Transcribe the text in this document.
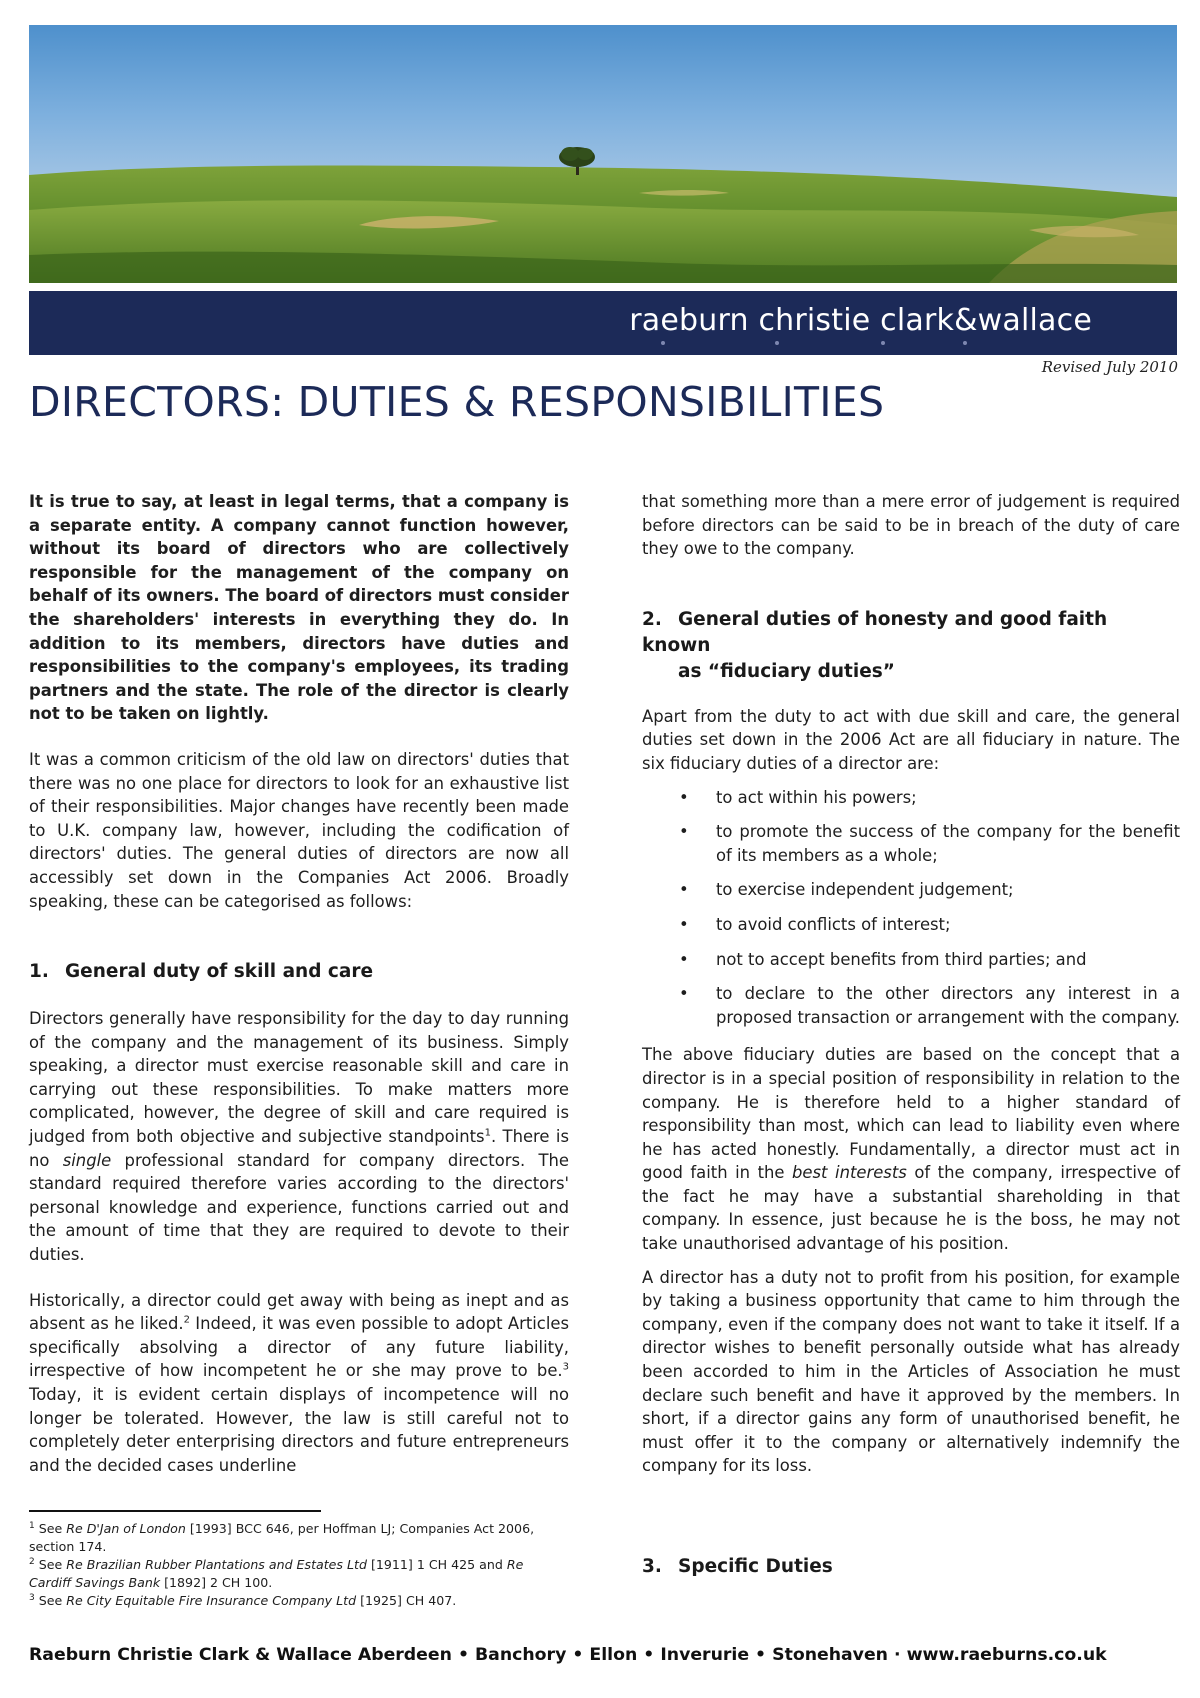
raeburn christie clark&wallace
Revised July 2010
DIRECTORS: DUTIES & RESPONSIBILITIES

It is true to say, at least in legal terms, that a company is a separate entity. A company cannot function however, without its board of directors who are collectively responsible for the management of the company on behalf of its owners. The board of directors must consider the shareholders' interests in everything they do. In addition to its members, directors have duties and responsibilities to the company's employees, its trading partners and the state. The role of the director is clearly not to be taken on lightly.

It was a common criticism of the old law on directors' duties that there was no one place for directors to look for an exhaustive list of their responsibilities. Major changes have recently been made to U.K. company law, however, including the codification of directors' duties. The general duties of directors are now all accessibly set down in the Companies Act 2006. Broadly speaking, these can be categorised as follows:

1. General duty of skill and care

Directors generally have responsibility for the day to day running of the company and the management of its business. Simply speaking, a director must exercise reasonable skill and care in carrying out these responsibilities. To make matters more complicated, however, the degree of skill and care required is judged from both objective and subjective standpoints$^1$. There is no single professional standard for company directors. The standard required therefore varies according to the directors' personal knowledge and experience, functions carried out and the amount of time that they are required to devote to their duties.

Historically, a director could get away with being as inept and as absent as he liked.$^2$ Indeed, it was even possible to adopt Articles specifically absolving a director of any future liability, irrespective of how incompetent he or she may prove to be.$^3$ Today, it is evident certain displays of incompetence will no longer be tolerated. However, the law is still careful not to completely deter enterprising directors and future entrepreneurs and the decided cases underline

$^1$ See Re D'Jan of London [1993] BCC 646, per Hoffman LJ; Companies Act 2006, section 174.

$^2$ See Re Brazilian Rubber Plantations and Estates Ltd [1911] 1 CH 425 and Re Cardiff Savings Bank [1892] 2 CH 100.

$^3$ See Re City Equitable Fire Insurance Company Ltd [1925] CH 407.

that something more than a mere error of judgement is required before directors can be said to be in breach of the duty of care they owe to the company.

2. General duties of honesty and good faith known
as “fiduciary duties”

Apart from the duty to act with due skill and care, the general duties set down in the 2006 Act are all fiduciary in nature. The six fiduciary duties of a director are:

• to act within his powers;
• to promote the success of the company for the benefit of its members as a whole;
• to exercise independent judgement;
• to avoid conflicts of interest;
• not to accept benefits from third parties; and
• to declare to the other directors any interest in a proposed transaction or arrangement with the company.

The above fiduciary duties are based on the concept that a director is in a special position of responsibility in relation to the company. He is therefore held to a higher standard of responsibility than most, which can lead to liability even where he has acted honestly. Fundamentally, a director must act in good faith in the best interests of the company, irrespective of the fact he may have a substantial shareholding in that company. In essence, just because he is the boss, he may not take unauthorised advantage of his position.

A director has a duty not to profit from his position, for example by taking a business opportunity that came to him through the company, even if the company does not want to take it itself. If a director wishes to benefit personally outside what has already been accorded to him in the Articles of Association he must declare such benefit and have it approved by the members. In short, if a director gains any form of unauthorised benefit, he must offer it to the company or alternatively indemnify the company for its loss.

3. Specific Duties
Raeburn Christie Clark & Wallace Aberdeen • Banchory • Ellon • Inverurie • Stonehaven · www.raeburns.co.uk
